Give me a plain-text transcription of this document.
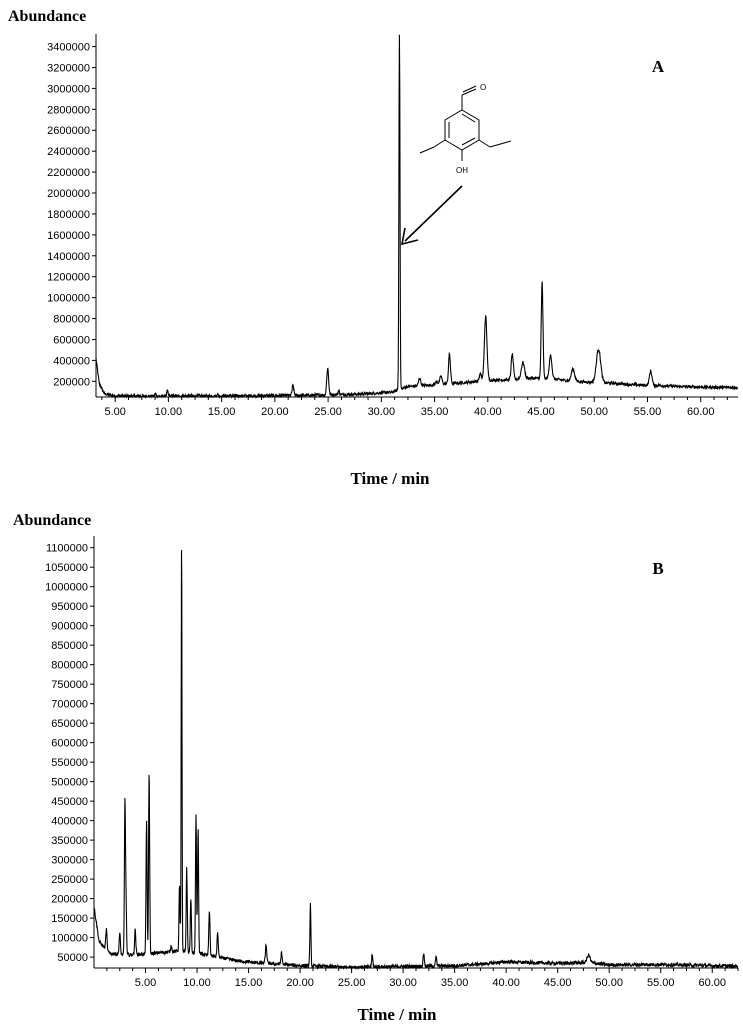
Abundance
A
Time / min
200000
400000
600000
800000
1000000
1200000
1400000
1600000
1800000
2000000
2200000
2400000
2600000
2800000
3000000
3200000
3400000
5.00	10.00 15.00 20.00 25.00 30.00 35.00 40.00 45.00 50.00 55.00 60.00
O
OH
Abundance
B
Time / min
50000
100000
150000
200000
250000
300000
350000
400000
450000
500000
550000
600000
650000
700000
750000
800000
850000
900000
950000
1000000
1050000
1100000
5.00 10.00 15.00 20.00 25.00 30.00 35.00 40.00 45.00 50.00 55.00 60.00
